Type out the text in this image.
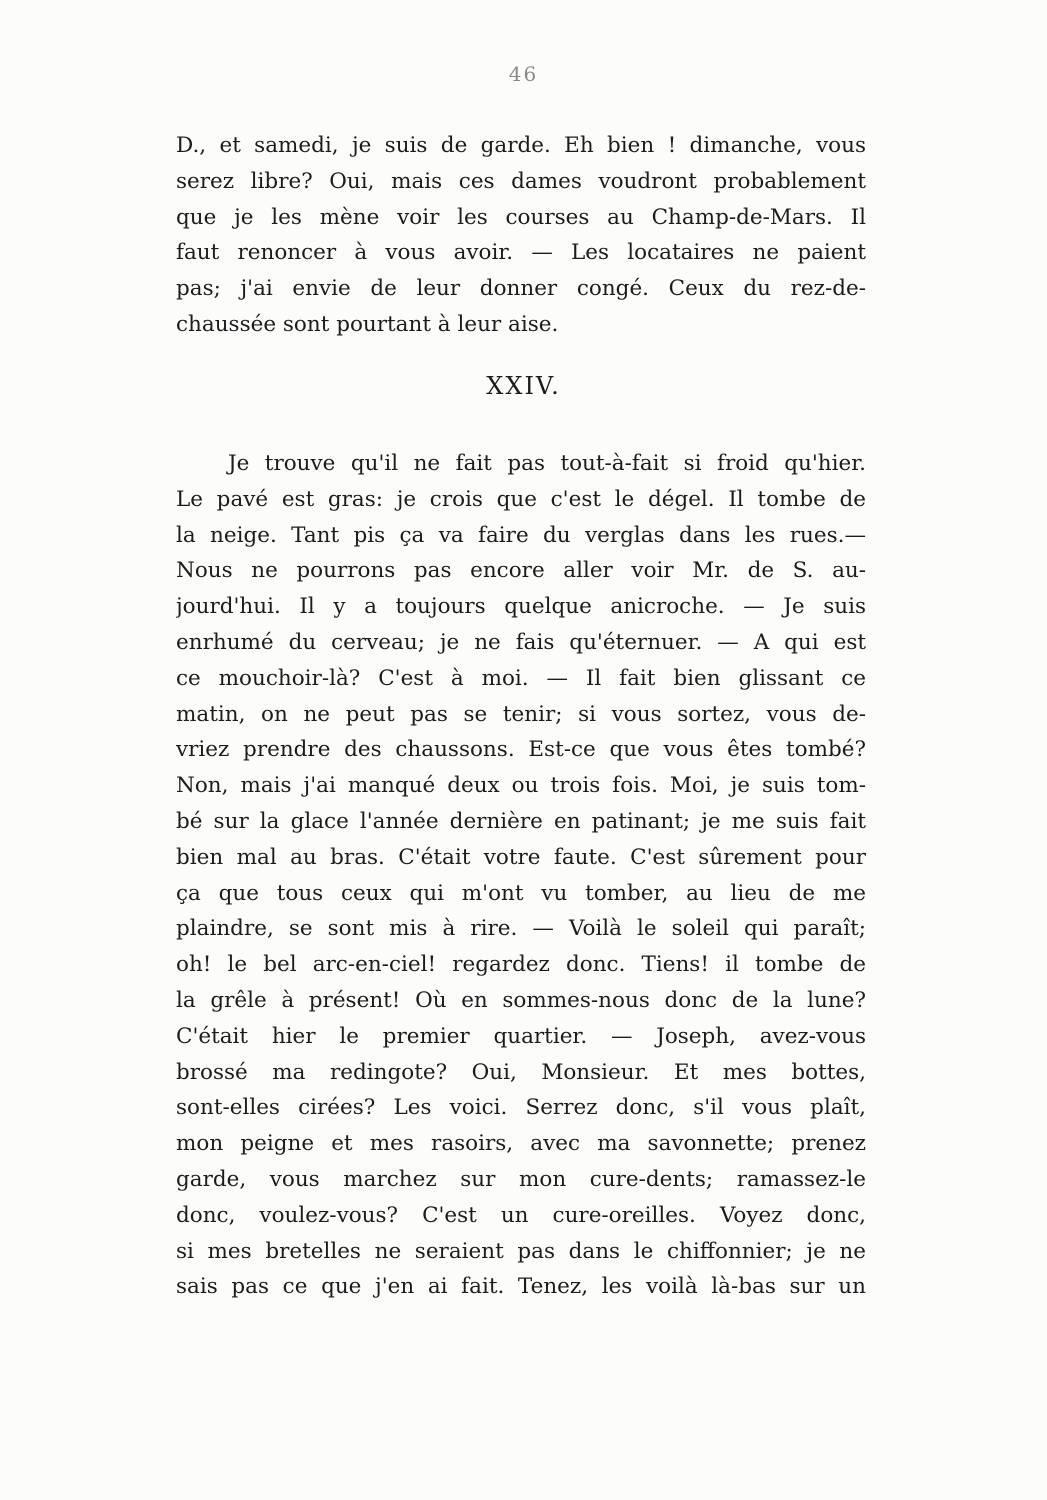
46
D., et samedi, je suis de garde. Eh bien ! dimanche, vous
serez libre? Oui, mais ces dames voudront probablement
que je les mène voir les courses au Champ-de-Mars. Il
faut renoncer à vous avoir. — Les locataires ne paient
pas; j'ai envie de leur donner congé. Ceux du rez-de-
chaussée sont pourtant à leur aise.
XXIV.
Je trouve qu'il ne fait pas tout-à-fait si froid qu'hier.
Le pavé est gras: je crois que c'est le dégel. Il tombe de
la neige. Tant pis ça va faire du verglas dans les rues.—
Nous ne pourrons pas encore aller voir Mr. de S. au-
jourd'hui. Il y a toujours quelque anicroche. — Je suis
enrhumé du cerveau; je ne fais qu'éternuer. — A qui est
ce mouchoir-là? C'est à moi. — Il fait bien glissant ce
matin, on ne peut pas se tenir; si vous sortez, vous de-
vriez prendre des chaussons. Est-ce que vous êtes tombé?
Non, mais j'ai manqué deux ou trois fois. Moi, je suis tom-
bé sur la glace l'année dernière en patinant; je me suis fait
bien mal au bras. C'était votre faute. C'est sûrement pour
ça que tous ceux qui m'ont vu tomber, au lieu de me
plaindre, se sont mis à rire. — Voilà le soleil qui paraît;
oh! le bel arc-en-ciel! regardez donc. Tiens! il tombe de
la grêle à présent! Où en sommes-nous donc de la lune?
C'était hier le premier quartier. — Joseph, avez-vous
brossé ma redingote? Oui, Monsieur. Et mes bottes,
sont-elles cirées? Les voici. Serrez donc, s'il vous plaît,
mon peigne et mes rasoirs, avec ma savonnette; prenez
garde, vous marchez sur mon cure-dents; ramassez-le
donc, voulez-vous? C'est un cure-oreilles. Voyez donc,
si mes bretelles ne seraient pas dans le chiffonnier; je ne
sais pas ce que j'en ai fait. Tenez, les voilà là-bas sur un
